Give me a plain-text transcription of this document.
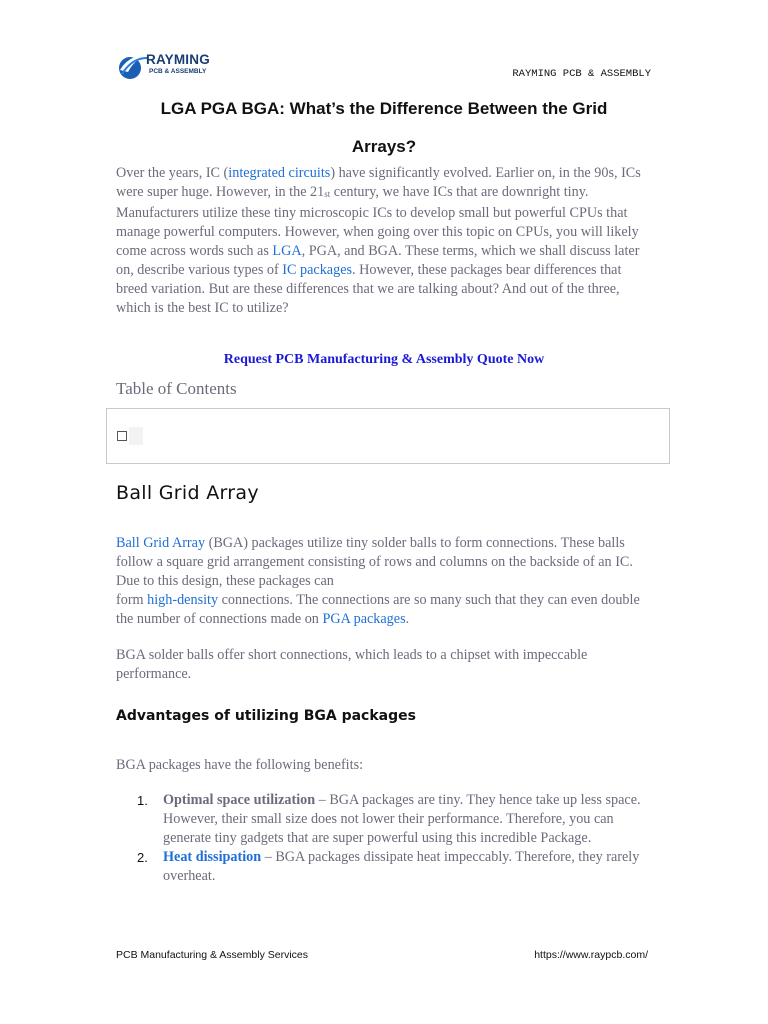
RAYMING
PCB & ASSEMBLY	RAYMING PCB & ASSEMBLY
LGA PGA BGA: What’s the Difference Between the Grid
Arrays?

Over the years, IC (integrated circuits) have significantly evolved. Earlier on, in the 90s, ICs were super huge. However, in the $21_{st}$ century, we have ICs that are downright tiny. Manufacturers utilize these tiny microscopic ICs to develop small but powerful CPUs that manage powerful computers. However, when going over this topic on CPUs, you will likely come across words such as LGA, PGA, and BGA. These terms, which we shall discuss later on, describe various types of IC packages. However, these packages bear differences that breed variation. But are these differences that we are talking about? And out of the three, which is the best IC to utilize?

Request PCB Manufacturing & Assembly Quote Now
Table of Contents
Ball Grid Array

Ball Grid Array (BGA) packages utilize tiny solder balls to form connections. These balls follow a square grid arrangement consisting of rows and columns on the backside of an IC. Due to this design, these packages can
form high-density connections. The connections are so many such that they can even double the number of connections made on PGA packages.

BGA solder balls offer short connections, which leads to a chipset with impeccable performance.
Advantages of utilizing BGA packages
BGA packages have the following benefits:
1. Optimal space utilization – BGA packages are tiny. They hence take up less space. However, their small size does not lower their performance. Therefore, you can generate tiny gadgets that are super powerful using this incredible Package.
2. Heat dissipation – BGA packages dissipate heat impeccably. Therefore, they rarely overheat.
PCB Manufacturing & Assembly Services	https://www.raypcb.com/
